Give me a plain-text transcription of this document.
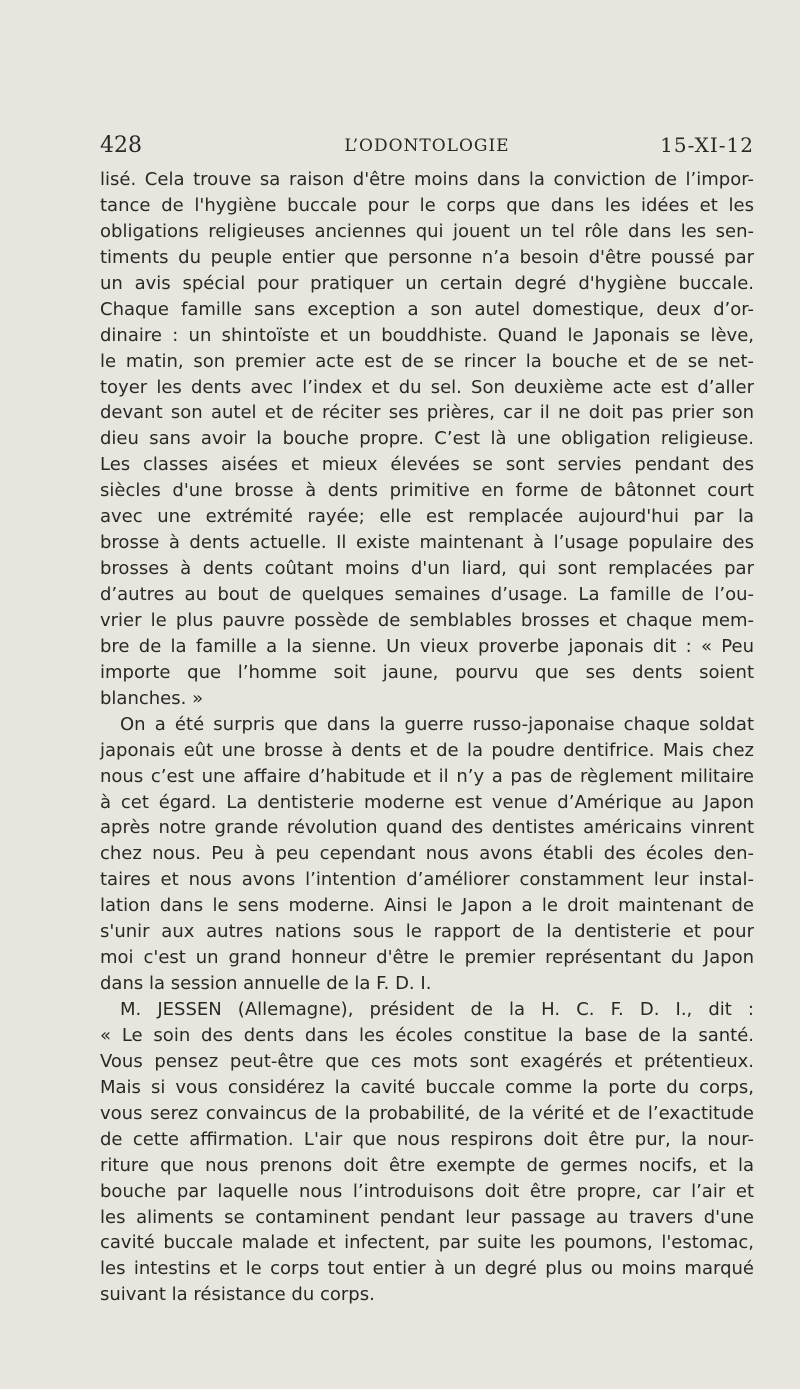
428	L’ODONTOLOGIE	15-XI-12
lisé. Cela trouve sa raison d'être moins dans la conviction de l’impor-
tance de l'hygiène buccale pour le corps que dans les idées et les
obligations religieuses anciennes qui jouent un tel rôle dans les sen-
timents du peuple entier que personne n’a besoin d'être poussé par
un avis spécial pour pratiquer un certain degré d'hygiène buccale.
Chaque famille sans exception a son autel domestique, deux d’or-
dinaire : un shintoïste et un bouddhiste. Quand le Japonais se lève,
le matin, son premier acte est de se rincer la bouche et de se net-
toyer les dents avec l’index et du sel. Son deuxième acte est d’aller
devant son autel et de réciter ses prières, car il ne doit pas prier son
dieu sans avoir la bouche propre. C’est là une obligation religieuse.
Les classes aisées et mieux élevées se sont servies pendant des
siècles d'une brosse à dents primitive en forme de bâtonnet court
avec une extrémité rayée; elle est remplacée aujourd'hui par la
brosse à dents actuelle. Il existe maintenant à l’usage populaire des
brosses à dents coûtant moins d'un liard, qui sont remplacées par
d’autres au bout de quelques semaines d’usage. La famille de l’ou-
vrier le plus pauvre possède de semblables brosses et chaque mem-
bre de la famille a la sienne. Un vieux proverbe japonais dit : « Peu
importe que l’homme soit jaune, pourvu que ses dents soient
blanches. »
On a été surpris que dans la guerre russo-japonaise chaque soldat
japonais eût une brosse à dents et de la poudre dentifrice. Mais chez
nous c’est une affaire d’habitude et il n’y a pas de règlement militaire
à cet égard. La dentisterie moderne est venue d’Amérique au Japon
après notre grande révolution quand des dentistes américains vinrent
chez nous. Peu à peu cependant nous avons établi des écoles den-
taires et nous avons l’intention d’améliorer constamment leur instal-
lation dans le sens moderne. Ainsi le Japon a le droit maintenant de
s'unir aux autres nations sous le rapport de la dentisterie et pour
moi c'est un grand honneur d'être le premier représentant du Japon
dans la session annuelle de la F. D. I.
M. JESSEN (Allemagne), président de la H. C. F. D. I., dit :
« Le soin des dents dans les écoles constitue la base de la santé.
Vous pensez peut-être que ces mots sont exagérés et prétentieux.
Mais si vous considérez la cavité buccale comme la porte du corps,
vous serez convaincus de la probabilité, de la vérité et de l’exactitude
de cette affirmation. L'air que nous respirons doit être pur, la nour-
riture que nous prenons doit être exempte de germes nocifs, et la
bouche par laquelle nous l’introduisons doit être propre, car l’air et
les aliments se contaminent pendant leur passage au travers d'une
cavité buccale malade et infectent, par suite les poumons, l'estomac,
les intestins et le corps tout entier à un degré plus ou moins marqué
suivant la résistance du corps.
